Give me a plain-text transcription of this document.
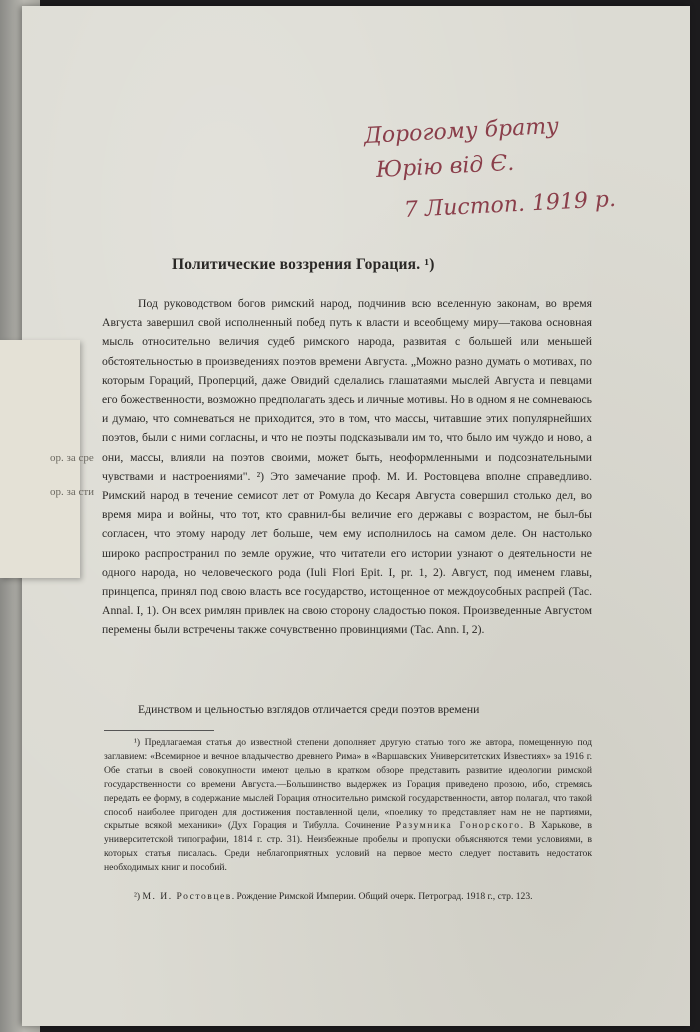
Дорогому брату
Юрію від Є.
7 Листоп. 1919 р.
Политические воззрения Горация. ¹)

Под руководством богов римский народ, подчинив всю вселенную законам, во время Августа завершил свой исполненный побед путь к власти и всеобщему миру—такова основная мысль относительно величия судеб римского народа, развитая с большей или меньшей обстоятельностью в произведениях поэтов времени Августа. „Можно разно думать о мотивах, по которым Гораций, Проперций, даже Овидий сделались глашатаями мыслей Августа и певцами его божественности, возможно предполагать здесь и личные мотивы. Но в одном я не сомневаюсь и думаю, что сомневаться не приходится, это в том, что массы, читавшие этих популярнейших поэтов, были с ними согласны, и что не поэты подсказывали им то, что было им чуждо и ново, а они, массы, влияли на поэтов своими, может быть, неоформленными и подсознательными чувствами и настроениями". ²) Это замечание проф. М. И. Ростовцева вполне справедливо. Римский народ в течение семисот лет от Ромула до Кесаря Августа совершил столько дел, во время мира и войны, что тот, кто сравнил-бы величие его державы с возрастом, не был-бы согласен, что этому народу лет больше, чем ему исполнилось на самом деле. Он настолько широко распространил по земле оружие, что читатели его истории узнают о деятельности не одного народа, но человеческого рода (Iuli Flori Epit. I, pr. 1, 2). Август, под именем главы, принцепса, принял под свою власть все государство, истощенное от междоусобных распрей (Tac. Annal. I, 1). Он всех римлян привлек на свою сторону сладостью покоя. Произведенные Августом перемены были встречены также сочувственно провинциями (Tac. Ann. I, 2).

Единством и цельностью взглядов отличается среди поэтов времени

¹) Предлагаемая статья до известной степени дополняет другую статью того же автора, помещенную под заглавием: «Всемирное и вечное владычество древнего Рима» в «Варшавских Университетских Известиях» за 1916 г. Обе статьи в своей совокупности имеют целью в кратком обзоре представить развитие идеологии римской государственности со времени Августа.—Большинство выдержек из Горация приведено прозою, ибо, стремясь передать ее форму, в содержание мыслей Горация относительно римской государственности, автор полагал, что такой способ наиболее пригоден для достижения поставленной цели, «поелику то представляет нам не не партиями, скрытые всякой механики» (Дух Горация и Тибулла. Сочинение Разумника Гонорского. В Харькове, в университетской типографии, 1814 г. стр. 31). Неизбежные пробелы и пропуски объясняются теми условиями, в которых статья писалась. Среди неблагоприятных условий на первое место следует поставить недостаток необходимых книг и пособий.

²) М. И. Ростовцев. Рождение Римской Империи. Общий очерк. Петроград. 1918 г., стр. 123.

ор. за сре
ор. за сти
